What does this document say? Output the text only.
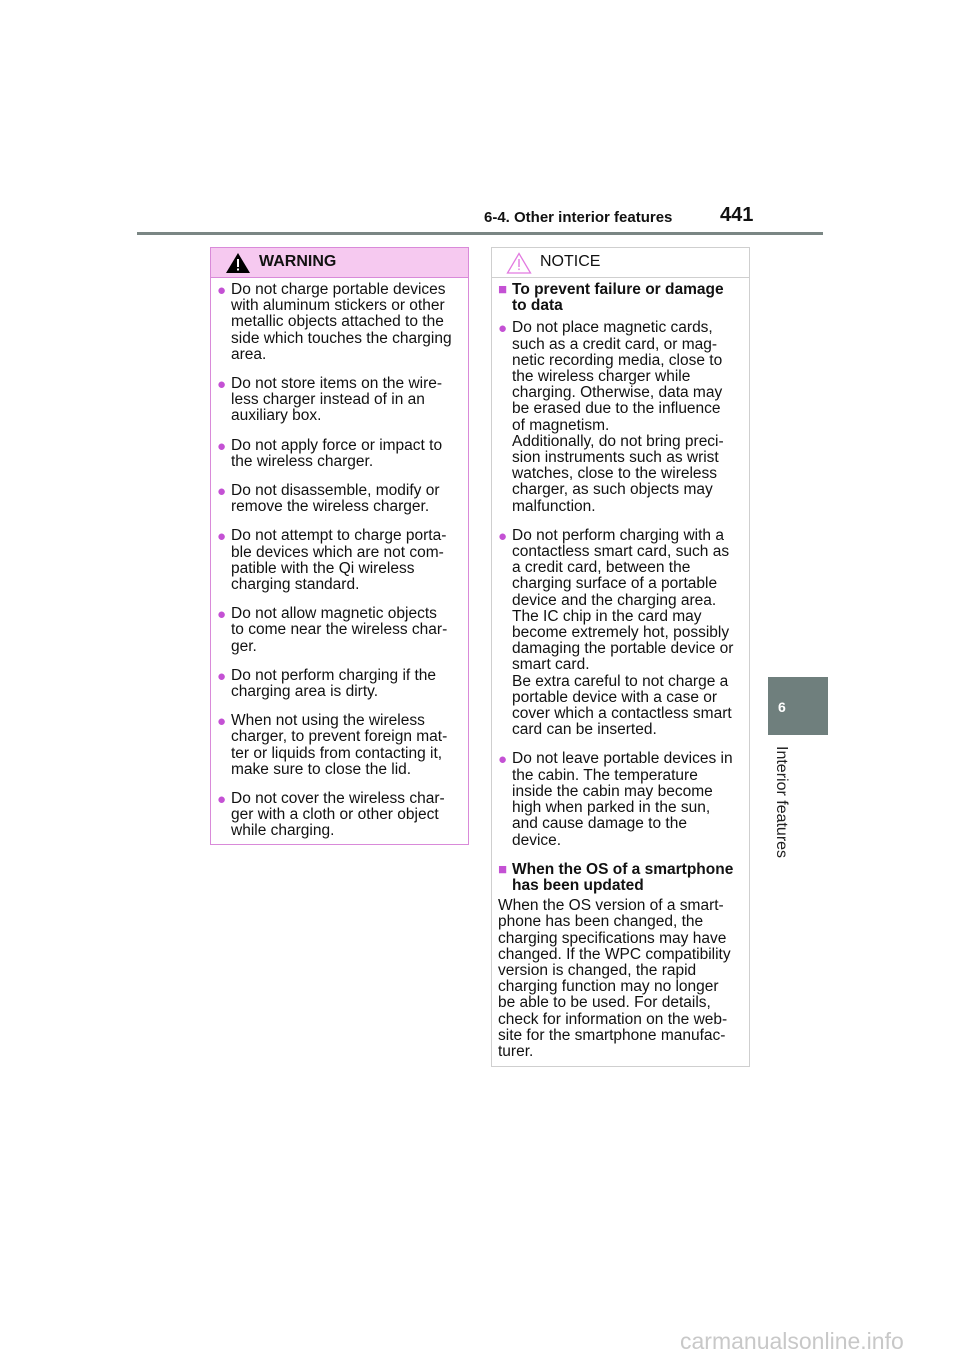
6-4. Other interior features 441
6
Interior features
WARNING
● Do not charge portable devices
with aluminum stickers or other
metallic objects attached to the
side which touches the charging
area.
● Do not store items on the wire-
less charger instead of in an
auxiliary box.
● Do not apply force or impact to
the wireless charger.
● Do not disassemble, modify or
remove the wireless charger.
● Do not attempt to charge porta-
ble devices which are not com-
patible with the Qi wireless
charging standard.
● Do not allow magnetic objects
to come near the wireless char-
ger.
● Do not perform charging if the
charging area is dirty.
● When not using the wireless
charger, to prevent foreign mat-
ter or liquids from contacting it,
make sure to close the lid.
● Do not cover the wireless char-
ger with a cloth or other object
while charging.
NOTICE
■ To prevent failure or damage
to data
● Do not place magnetic cards,
such as a credit card, or mag-
netic recording media, close to
the wireless charger while
charging. Otherwise, data may
be erased due to the influence
of magnetism.
Additionally, do not bring preci-
sion instruments such as wrist
watches, close to the wireless
charger, as such objects may
malfunction.
● Do not perform charging with a
contactless smart card, such as
a credit card, between the
charging surface of a portable
device and the charging area.
The IC chip in the card may
become extremely hot, possibly
damaging the portable device or
smart card.
Be extra careful to not charge a
portable device with a case or
cover which a contactless smart
card can be inserted.
● Do not leave portable devices in
the cabin. The temperature
inside the cabin may become
high when parked in the sun,
and cause damage to the
device.
■ When the OS of a smartphone
has been updated
When the OS version of a smart-
phone has been changed, the
charging specifications may have
changed. If the WPC compatibility
version is changed, the rapid
charging function may no longer
be able to be used. For details,
check for information on the web-
site for the smartphone manufac-
turer.
carmanualsonline.info
